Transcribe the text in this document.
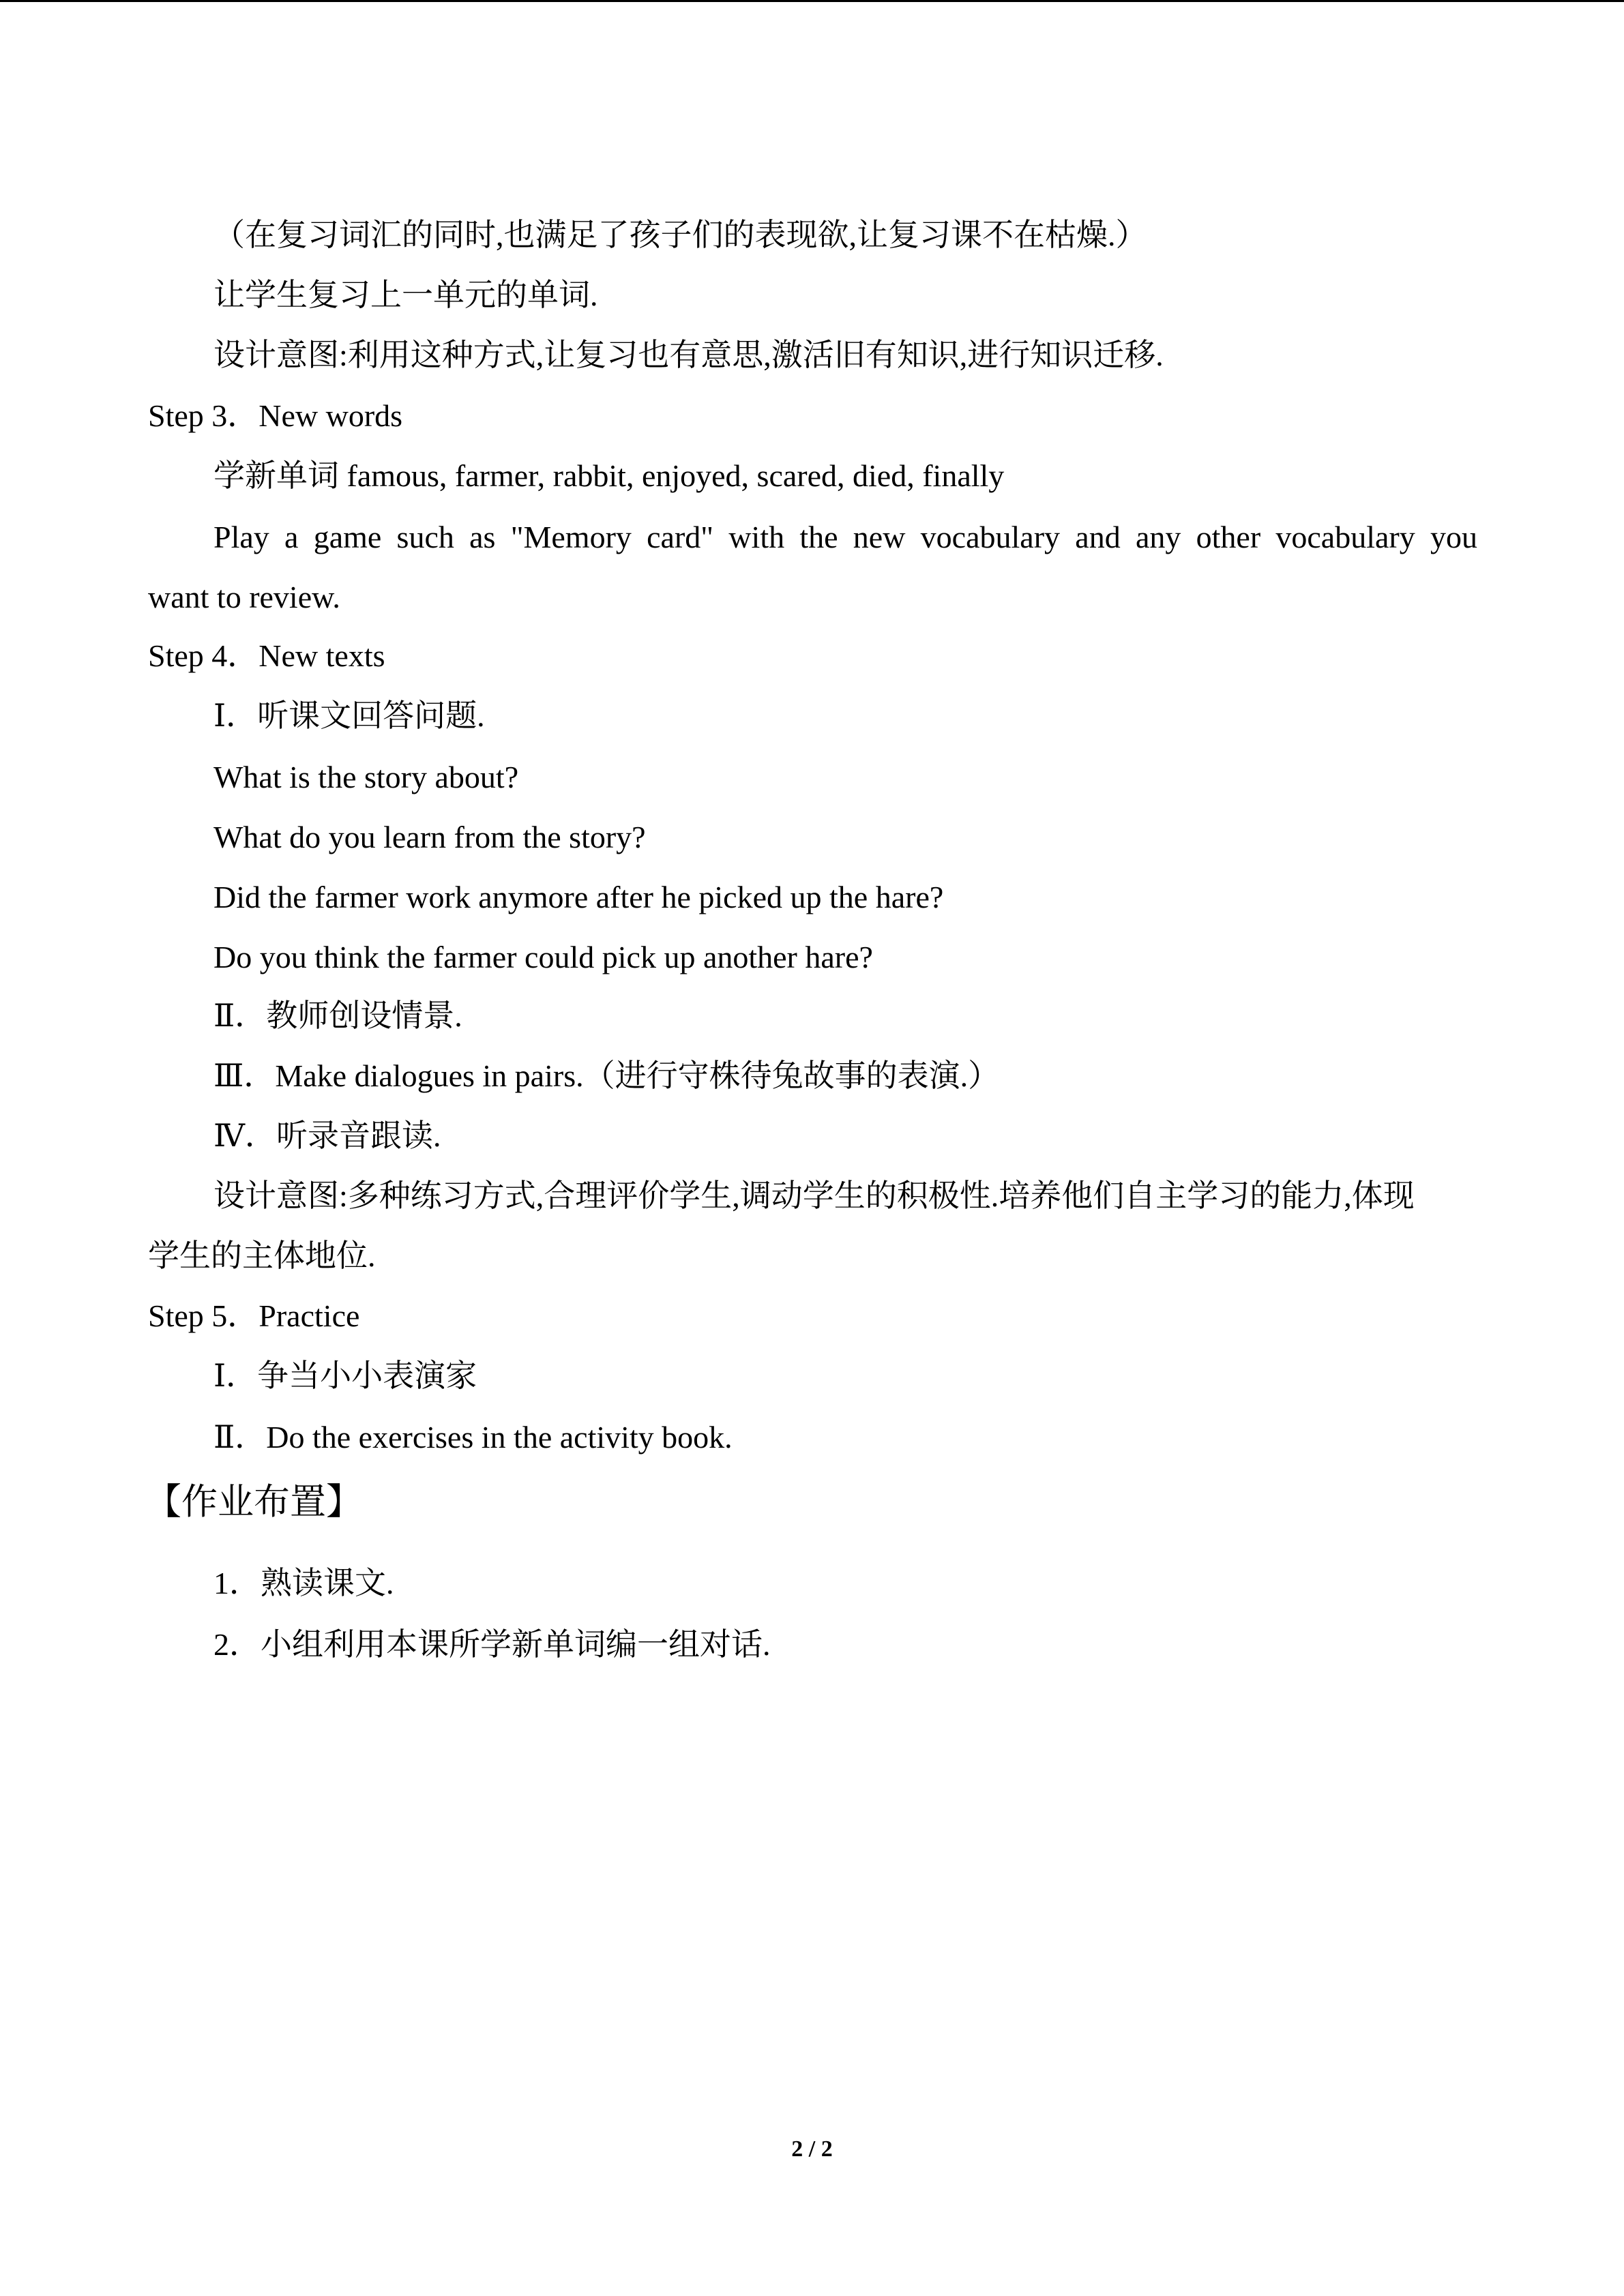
（在复习词汇的同时,也满足了孩子们的表现欲,让复习课不在枯燥.）
让学生复习上一单元的单词.
设计意图:利用这种方式,让复习也有意思,激活旧有知识,进行知识迁移.
Step 3．New words
学新单词 famous, farmer, rabbit, enjoyed, scared, died, finally
Play a game such as "Memory card" with the new vocabulary and any other vocabulary you
want to review.
Step 4．New texts
Ⅰ．听课文回答问题.
What is the story about?
What do you learn from the story?
Did the farmer work anymore after he picked up the hare?
Do you think the farmer could pick up another hare?
Ⅱ．教师创设情景.
Ⅲ．Make dialogues in pairs.（进行守株待兔故事的表演.）
Ⅳ．听录音跟读.
设计意图:多种练习方式,合理评价学生,调动学生的积极性.培养他们自主学习的能力,体现
学生的主体地位.
Step 5．Practice
Ⅰ．争当小小表演家
Ⅱ．Do the exercises in the activity book.
【作业布置】
1．熟读课文.
2．小组利用本课所学新单词编一组对话.
2 / 2
